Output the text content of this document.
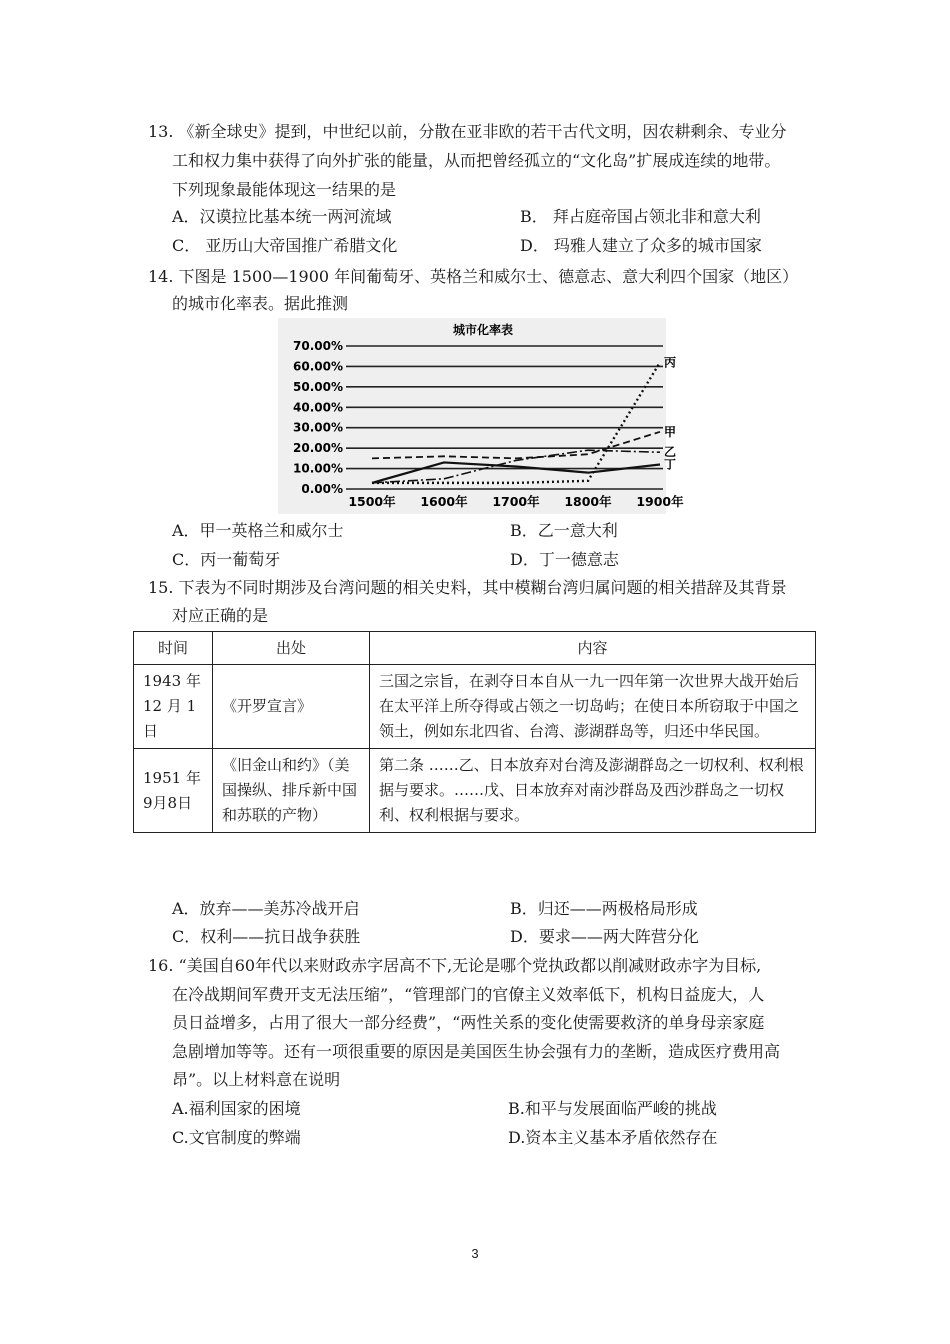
13. 《新全球史》提到，中世纪以前，分散在亚非欧的若干古代文明，因农耕剩余、专业分
工和权力集中获得了向外扩张的能量，从而把曾经孤立的“文化岛”扩展成连续的地带。
下列现象最能体现这一结果的是
A．汉谟拉比基本统一两河流域	B． 拜占庭帝国占领北非和意大利
C． 亚历山大帝国推广希腊文化	D． 玛雅人建立了众多的城市国家
14. 下图是 1500—1900 年间葡萄牙、英格兰和威尔士、德意志、意大利四个国家（地区）
的城市化率表。据此推测
城市化率表
0.00%
10.00%
20.00%
30.00%
40.00%
50.00%
60.00%
70.00%
1500年 1600年 1700年 1800年 1900年
甲
乙
丙
丁
A．甲一英格兰和威尔士	B．乙一意大利
C．丙一葡萄牙	D．丁一德意志
15. 下表为不同时期涉及台湾问题的相关史料，其中模糊台湾归属问题的相关措辞及其背景
对应正确的是
时间	出处	内容
1943 年 12 月 1 日	《开罗宣言》	三国之宗旨，在剥夺日本自从一九一四年第一次世界大战开始后在太平洋上所夺得或占领之一切岛屿；在使日本所窃取于中国之领土，例如东北四省、台湾、澎湖群岛等，归还中华民国。
1951 年 9月8日	《旧金山和约》（美国操纵、排斥新中国和苏联的产物）	第二条 ……乙、日本放弃对台湾及澎湖群岛之一切权利、权利根据与要求。……戊、日本放弃对南沙群岛及西沙群岛之一切权利、权利根据与要求。
A．放弃——美苏冷战开启	B．归还——两极格局形成
C．权利——抗日战争获胜	D．要求——两大阵营分化
16. “美国自60年代以来财政赤字居高不下,无论是哪个党执政都以削减财政赤字为目标,
在冷战期间军费开支无法压缩”，“管理部门的官僚主义效率低下，机构日益庞大，人
员日益增多，占用了很大一部分经费”，“两性关系的变化使需要救济的单身母亲家庭
急剧增加等等。还有一项很重要的原因是美国医生协会强有力的垄断，造成医疗费用高
昂”。以上材料意在说明
A.福利国家的困境	B.和平与发展面临严峻的挑战
C.文官制度的弊端	D.资本主义基本矛盾依然存在
3
